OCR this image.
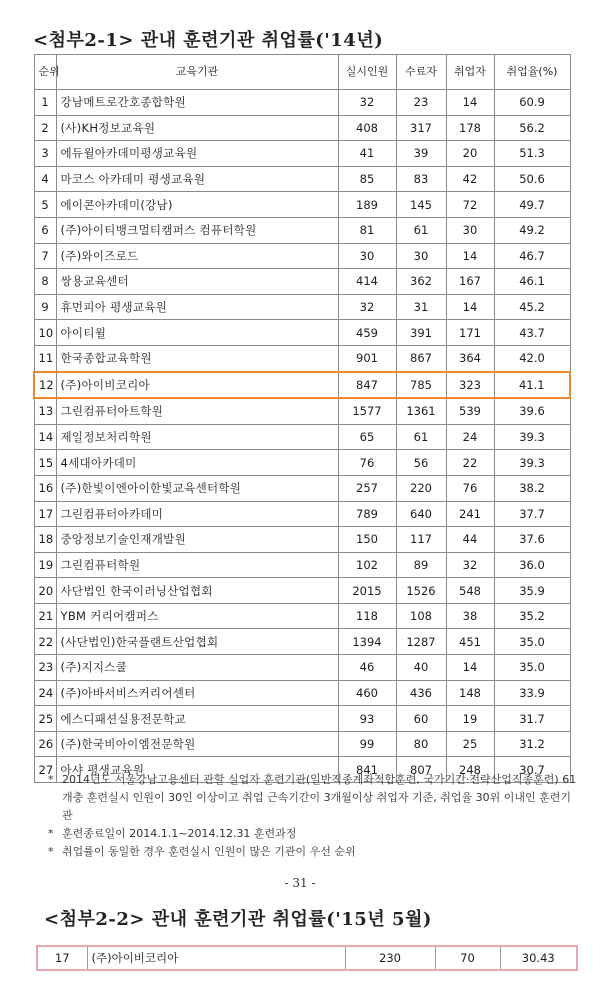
<첨부2-1> 관내 훈련기관 취업률('14년)
순위	교육기관	실시인원	수료자	취업자	취업율(%)
1	강남메트로간호종합학원	32	23	14	60.9
2	(사)KH정보교육원	408	317	178	56.2
3	에듀윌아카데미평생교육원	41	39	20	51.3
4	마코스 아카데미 평생교육원	85	83	42	50.6
5	에이콘아카데미(강남)	189	145	72	49.7
6	(주)아이티뱅크멀티캠퍼스 컴퓨터학원	81	61	30	49.2
7	(주)와이즈로드	30	30	14	46.7
8	쌍용교육센터	414	362	167	46.1
9	휴먼피아 평생교육원	32	31	14	45.2
10	아이티윌	459	391	171	43.7
11	한국종합교육학원	901	867	364	42.0
12	(주)아이비코리아	847	785	323	41.1
13	그린컴퓨터아트학원	1577	1361	539	39.6
14	제일정보처리학원	65	61	24	39.3
15	4세대아카데미	76	56	22	39.3
16	(주)한빛이엔아이한빛교육센터학원	257	220	76	38.2
17	그린컴퓨터아카데미	789	640	241	37.7
18	중앙정보기술인재개발원	150	117	44	37.6
19	그린컴퓨터학원	102	89	32	36.0
20	사단법인 한국이러닝산업협회	2015	1526	548	35.9
21	YBM 커리어캠퍼스	118	108	38	35.2
22	(사단법인)한국플랜트산업협회	1394	1287	451	35.0
23	(주)지지스쿨	46	40	14	35.0
24	(주)아바서비스커리어센터	460	436	148	33.9
25	에스디패션실용전문학교	93	60	19	31.7
26	(주)한국비아이엠전문학원	99	80	25	31.2
27	아샤 평생교육원	841	807	248	30.7
* 2014년도 서울강남고용센터 관할 실업자 훈련기관(일반직종계좌적합훈련, 국가기간·전략산업직종훈련) 61개충 훈련실시 인원이 30인 이상이고 취업 근속기간이 3개월이상 취업자 기준, 취업율 30위 이내인 훈련기관
* 훈련종료일이 2014.1.1~2014.12.31 훈련과정
* 취업률이 동일한 경우 훈련실시 인원이 많은 기관이 우선 순위
- 31 -
<첨부2-2> 관내 훈련기관 취업률('15년 5월)
17	(주)아이비코리아	230	70	30.43
